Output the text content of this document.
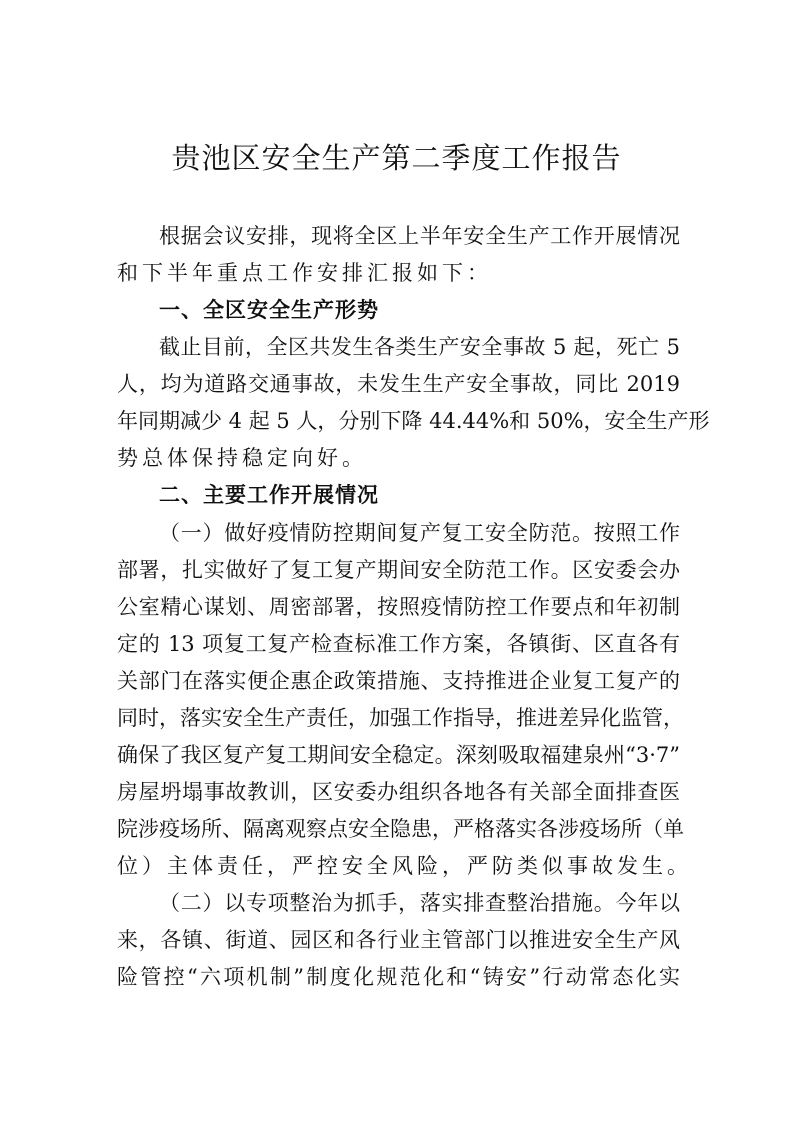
贵池区安全生产第二季度工作报告
根据会议安排，现将全区上半年安全生产工作开展情况
和下半年重点工作安排汇报如下：
一、全区安全生产形势
截止目前，全区共发生各类生产安全事故 5 起，死亡 5
人，均为道路交通事故，未发生生产安全事故，同比 2019
年同期减少 4 起 5 人，分别下降 44.44%和 50%，安全生产形
势总体保持稳定向好。
二、主要工作开展情况
（一）做好疫情防控期间复产复工安全防范。按照工作
部署，扎实做好了复工复产期间安全防范工作。区安委会办
公室精心谋划、周密部署，按照疫情防控工作要点和年初制
定的 13 项复工复产检查标准工作方案，各镇街、区直各有
关部门在落实便企惠企政策措施、支持推进企业复工复产的
同时，落实安全生产责任，加强工作指导，推进差异化监管，
确保了我区复产复工期间安全稳定。深刻吸取福建泉州“3·7”
房屋坍塌事故教训，区安委办组织各地各有关部全面排查医
院涉疫场所、隔离观察点安全隐患，严格落实各涉疫场所（单
位）主体责任，严控安全风险，严防类似事故发生。
（二）以专项整治为抓手，落实排查整治措施。今年以
来，各镇、街道、园区和各行业主管部门以推进安全生产风
险管控“六项机制”制度化规范化和“铸安”行动常态化实
